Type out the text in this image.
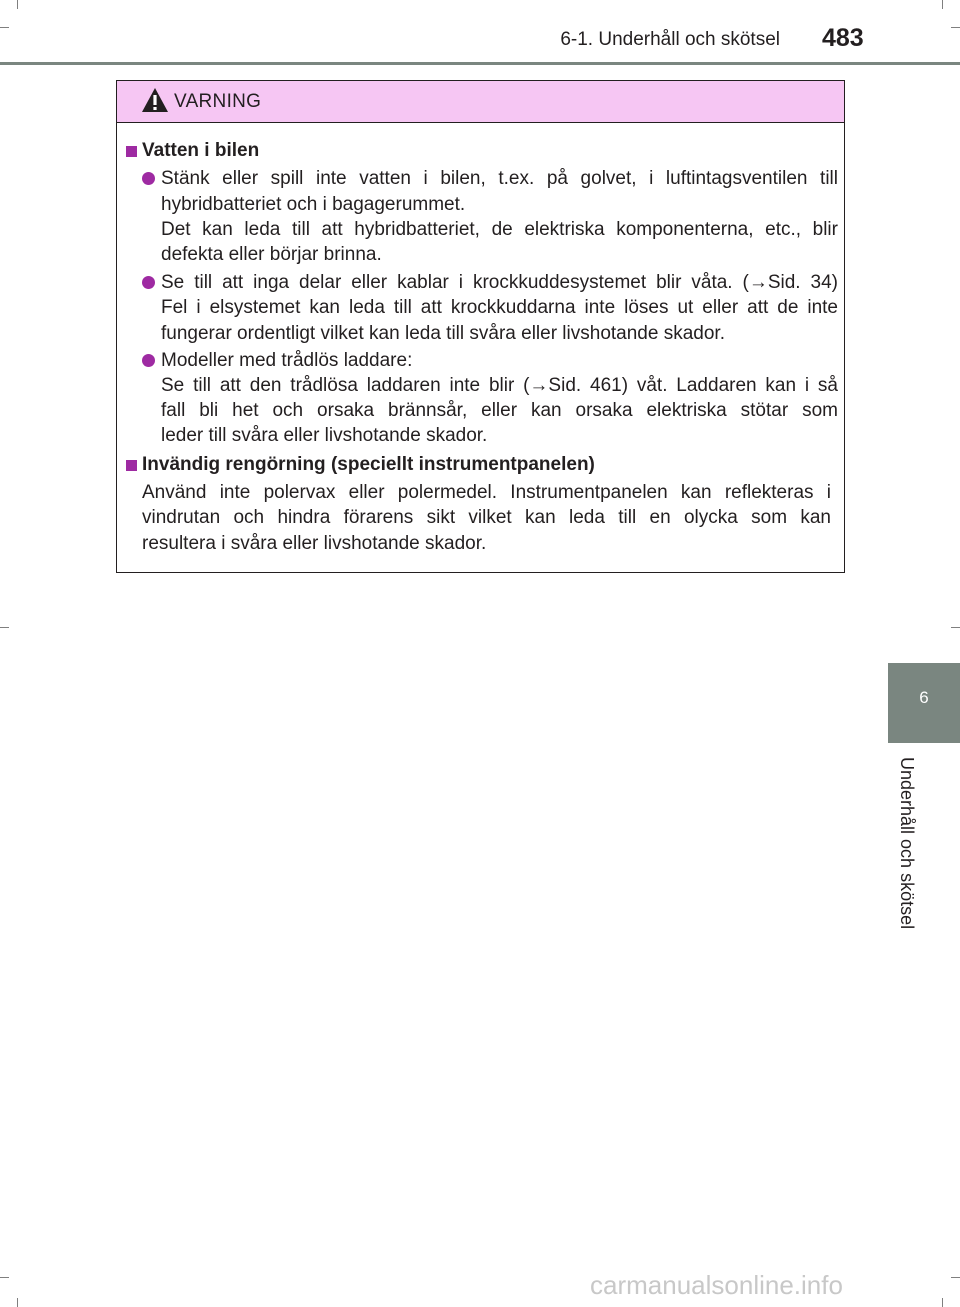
6-1. Underhåll och skötsel 483
VARNING
Vatten i bilen
Stänk eller spill inte vatten i bilen, t.ex. på golvet, i luftintagsventilen till
hybridbatteriet och i bagagerummet.
Det kan leda till att hybridbatteriet, de elektriska komponenterna, etc., blir
defekta eller börjar brinna.
Se till att inga delar eller kablar i krockkuddesystemet blir våta. (→Sid. 34)
Fel i elsystemet kan leda till att krockkuddarna inte löses ut eller att de inte
fungerar ordentligt vilket kan leda till svåra eller livshotande skador.
Modeller med trådlös laddare:
Se till att den trådlösa laddaren inte blir (→Sid. 461) våt. Laddaren kan i så
fall bli het och orsaka brännsår, eller kan orsaka elektriska stötar som
leder till svåra eller livshotande skador.
Invändig rengörning (speciellt instrumentpanelen)
Använd inte polervax eller polermedel. Instrumentpanelen kan reflekteras i
vindrutan och hindra förarens sikt vilket kan leda till en olycka som kan
resultera i svåra eller livshotande skador.
6
Underhåll och skötsel
carmanualsonline.info
